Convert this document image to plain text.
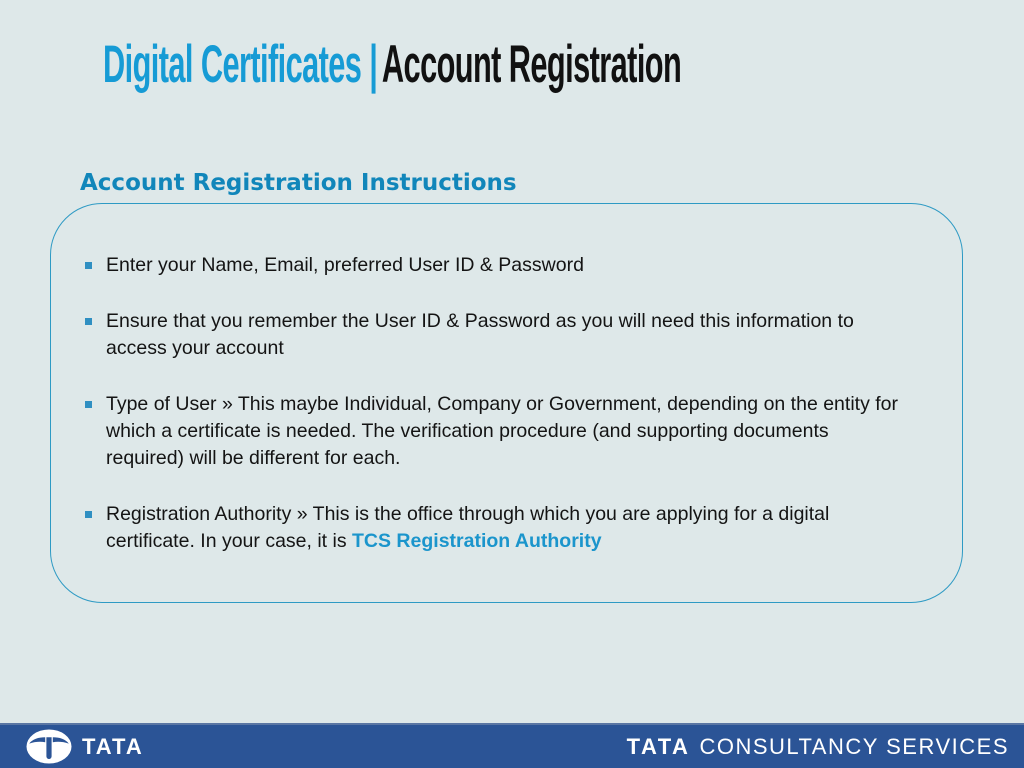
Digital Certificates |Account Registration
Account Registration Instructions
Enter your Name, Email, preferred User ID & Password
Ensure that you remember the User ID & Password as you will need this information to access your account
Type of User » This maybe Individual, Company or Government, depending on the entity for which a certificate is needed. The verification procedure (and supporting documents required) will be different for each.
Registration Authority » This is the office through which you are applying for a digital certificate. In your case, it is TCS Registration Authority
TATA	TATA CONSULTANCY SERVICES
